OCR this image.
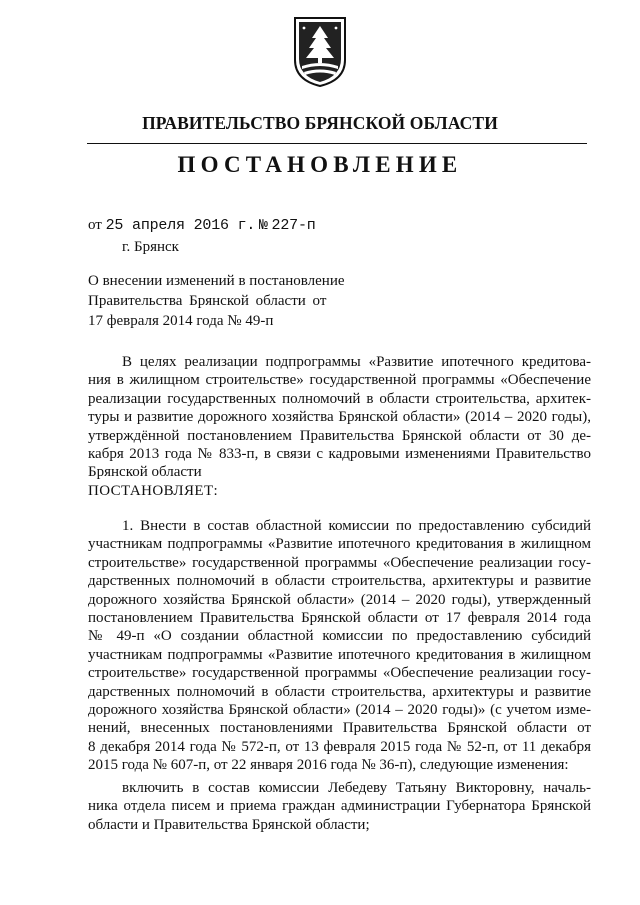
ПРАВИТЕЛЬСТВО БРЯНСКОЙ ОБЛАСТИ
ПОСТАНОВЛЕНИЕ
от 25 апреля 2016 г. № 227-п
г. Брянск
О внесении изменений в постановление
Правительства Брянской области от
17 февраля 2014 года № 49-п
В целях реализации подпрограммы «Развитие ипотечного кредитова-
ния в жилищном строительстве» государственной программы «Обеспечение
реализации государственных полномочий в области строительства, архитек-
туры и развитие дорожного хозяйства Брянской области» (2014 – 2020 годы),
утверждённой постановлением Правительства Брянской области от 30 де-
кабря 2013 года № 833-п, в связи с кадровыми изменениями Правительство
Брянской области
ПОСТАНОВЛЯЕТ:
1. Внести в состав областной комиссии по предоставлению субсидий
участникам подпрограммы «Развитие ипотечного кредитования в жилищном
строительстве» государственной программы «Обеспечение реализации госу-
дарственных полномочий в области строительства, архитектуры и развитие
дорожного хозяйства Брянской области» (2014 – 2020 годы), утвержденный
постановлением Правительства Брянской области от 17 февраля 2014 года
№ 49-п «О создании областной комиссии по предоставлению субсидий
участникам подпрограммы «Развитие ипотечного кредитования в жилищном
строительстве» государственной программы «Обеспечение реализации госу-
дарственных полномочий в области строительства, архитектуры и развитие
дорожного хозяйства Брянской области» (2014 – 2020 годы)» (с учетом изме-
нений, внесенных постановлениями Правительства Брянской области от
8 декабря 2014 года № 572-п, от 13 февраля 2015 года № 52-п, от 11 декабря
2015 года № 607-п, от 22 января 2016 года № 36-п), следующие изменения:
включить в состав комиссии Лебедеву Татьяну Викторовну, началь-
ника отдела писем и приема граждан администрации Губернатора Брянской
области и Правительства Брянской области;
